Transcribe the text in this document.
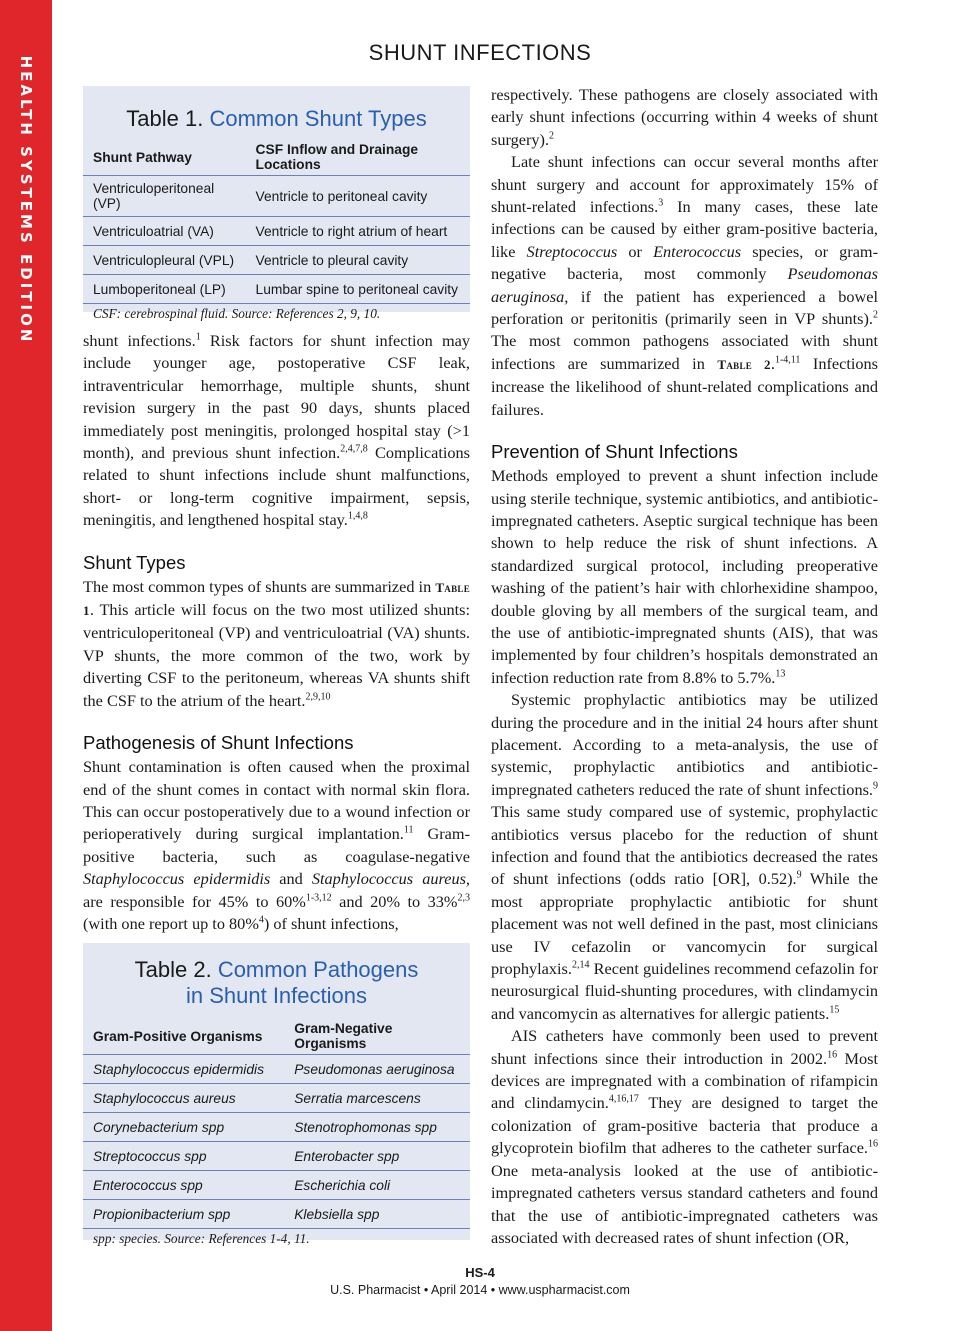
HEALTH SYSTEMS EDITION
SHUNT INFECTIONS
Table 1. Common Shunt Types
Shunt Pathway	CSF Inflow and Drainage Locations
Ventriculoperitoneal (VP)	Ventricle to peritoneal cavity
Ventriculoatrial (VA)	Ventricle to right atrium of heart
Ventriculopleural (VPL)	Ventricle to pleural cavity
Lumboperitoneal (LP)	Lumbar spine to peritoneal cavity
CSF: cerebrospinal fluid. Source: References 2, 9, 10.

shunt infections.$^1$ Risk factors for shunt infection may include younger age, postoperative CSF leak, intraventricular hemorrhage, multiple shunts, shunt revision surgery in the past 90 days, shunts placed immediately post meningitis, prolonged hospital stay (>1 month), and previous shunt infection.$^{2,4,7,8}$ Complications related to shunt infections include shunt malfunctions, short- or long-term cognitive impairment, sepsis, meningitis, and lengthened hospital stay.$^{1,4,8}$

Shunt Types

The most common types of shunts are summarized in Table 1. This article will focus on the two most utilized shunts: ventriculoperitoneal (VP) and ventriculoatrial (VA) shunts. VP shunts, the more common of the two, work by diverting CSF to the peritoneum, whereas VA shunts shift the CSF to the atrium of the heart.$^{2,9,10}$

Pathogenesis of Shunt Infections

Shunt contamination is often caused when the proximal end of the shunt comes in contact with normal skin flora. This can occur postoperatively due to a wound infection or perioperatively during surgical implantation.$^{11}$ Gram-positive bacteria, such as coagulase-negative Staphylococcus epidermidis and Staphylococcus aureus, are responsible for 45% to 60%$^{1-3,12}$ and 20% to 33%$^{2,3}$ (with one report up to 80%$^4$) of shunt infections,

Table 2. Common Pathogens
in Shunt Infections
Gram-Positive Organisms	Gram-Negative Organisms
Staphylococcus epidermidis	Pseudomonas aeruginosa
Staphylococcus aureus	Serratia marcescens
Corynebacterium spp	Stenotrophomonas spp
Streptococcus spp	Enterobacter spp
Enterococcus spp	Escherichia coli
Propionibacterium spp	Klebsiella spp
spp: species. Source: References 1-4, 11.

respectively. These pathogens are closely associated with early shunt infections (occurring within 4 weeks of shunt surgery).$^2$

Late shunt infections can occur several months after shunt surgery and account for approximately 15% of shunt-related infections.$^3$ In many cases, these late infections can be caused by either gram-positive bacteria, like Streptococcus or Enterococcus species, or gram-negative bacteria, most commonly Pseudomonas aeruginosa, if the patient has experienced a bowel perforation or peritonitis (primarily seen in VP shunts).$^2$ The most common pathogens associated with shunt infections are summarized in Table 2.$^{1-4,11}$ Infections increase the likelihood of shunt-related complications and failures.

Prevention of Shunt Infections

Methods employed to prevent a shunt infection include using sterile technique, systemic antibiotics, and antibiotic-impregnated catheters. Aseptic surgical technique has been shown to help reduce the risk of shunt infections. A standardized surgical protocol, including preoperative washing of the patient’s hair with chlorhexidine shampoo, double gloving by all members of the surgical team, and the use of antibiotic-impregnated shunts (AIS), that was implemented by four children’s hospitals demonstrated an infection reduction rate from 8.8% to 5.7%.$^{13}$

Systemic prophylactic antibiotics may be utilized during the procedure and in the initial 24 hours after shunt placement. According to a meta-analysis, the use of systemic, prophylactic antibiotics and antibiotic-impregnated catheters reduced the rate of shunt infections.$^9$ This same study compared use of systemic, prophylactic antibiotics versus placebo for the reduction of shunt infection and found that the antibiotics decreased the rates of shunt infections (odds ratio [OR], 0.52).$^9$ While the most appropriate prophylactic antibiotic for shunt placement was not well defined in the past, most clinicians use IV cefazolin or vancomycin for surgical prophylaxis.$^{2,14}$ Recent guidelines recommend cefazolin for neurosurgical fluid-shunting procedures, with clindamycin and vancomycin as alternatives for allergic patients.$^{15}$

AIS catheters have commonly been used to prevent shunt infections since their introduction in 2002.16 Most devices are impregnated with a combination of rifampicin and clindamycin.$^{4,16,17}$ They are designed to target the colonization of gram-positive bacteria that produce a glycoprotein biofilm that adheres to the catheter surface.$^{16}$ One meta-analysis looked at the use of antibiotic-impregnated catheters versus standard catheters and found that the use of antibiotic-impregnated catheters was associated with decreased rates of shunt infection (OR,

HS-4
U.S. Pharmacist • April 2014 • www.uspharmacist.com
